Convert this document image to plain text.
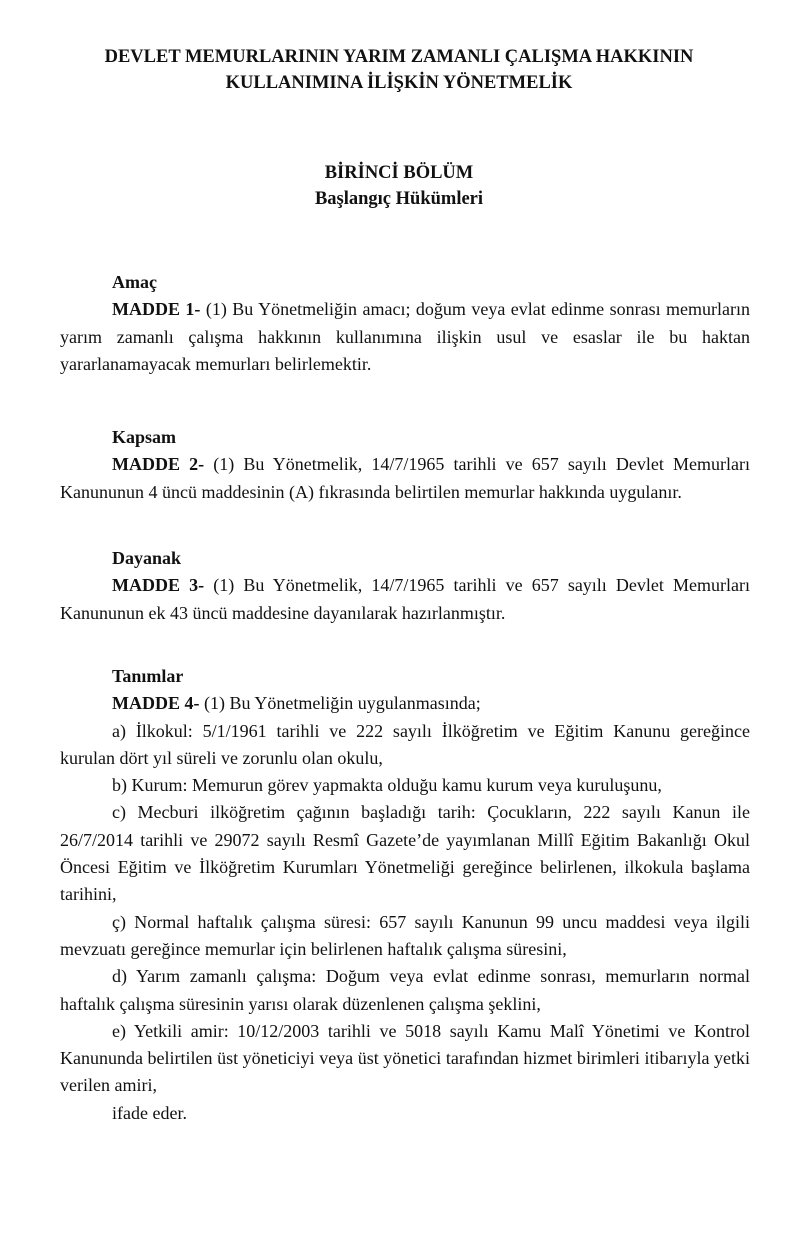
DEVLET MEMURLARININ YARIM ZAMANLI ÇALIŞMA HAKKININ
KULLANIMINA İLİŞKİN YÖNETMELİK
BİRİNCİ BÖLÜM
Başlangıç Hükümleri
Amaç
MADDE 1- (1) Bu Yönetmeliğin amacı; doğum veya evlat edinme sonrası memurların yarım zamanlı çalışma hakkının kullanımına ilişkin usul ve esaslar ile bu haktan yararlanamayacak memurları belirlemektir.
Kapsam
MADDE 2- (1) Bu Yönetmelik, 14/7/1965 tarihli ve 657 sayılı Devlet Memurları Kanununun 4 üncü maddesinin (A) fıkrasında belirtilen memurlar hakkında uygulanır.
Dayanak
MADDE 3- (1) Bu Yönetmelik, 14/7/1965 tarihli ve 657 sayılı Devlet Memurları Kanununun ek 43 üncü maddesine dayanılarak hazırlanmıştır.
Tanımlar
MADDE 4- (1) Bu Yönetmeliğin uygulanmasında;
a) İlkokul: 5/1/1961 tarihli ve 222 sayılı İlköğretim ve Eğitim Kanunu gereğince kurulan dört yıl süreli ve zorunlu olan okulu,
b) Kurum: Memurun görev yapmakta olduğu kamu kurum veya kuruluşunu,
c) Mecburi ilköğretim çağının başladığı tarih: Çocukların, 222 sayılı Kanun ile 26/7/2014 tarihli ve 29072 sayılı Resmî Gazete’de yayımlanan Millî Eğitim Bakanlığı Okul Öncesi Eğitim ve İlköğretim Kurumları Yönetmeliği gereğince belirlenen, ilkokula başlama tarihini,
ç) Normal haftalık çalışma süresi: 657 sayılı Kanunun 99 uncu maddesi veya ilgili mevzuatı gereğince memurlar için belirlenen haftalık çalışma süresini,
d) Yarım zamanlı çalışma: Doğum veya evlat edinme sonrası, memurların normal haftalık çalışma süresinin yarısı olarak düzenlenen çalışma şeklini,
e) Yetkili amir: 10/12/2003 tarihli ve 5018 sayılı Kamu Malî Yönetimi ve Kontrol Kanununda belirtilen üst yöneticiyi veya üst yönetici tarafından hizmet birimleri itibarıyla yetki verilen amiri,
ifade eder.
